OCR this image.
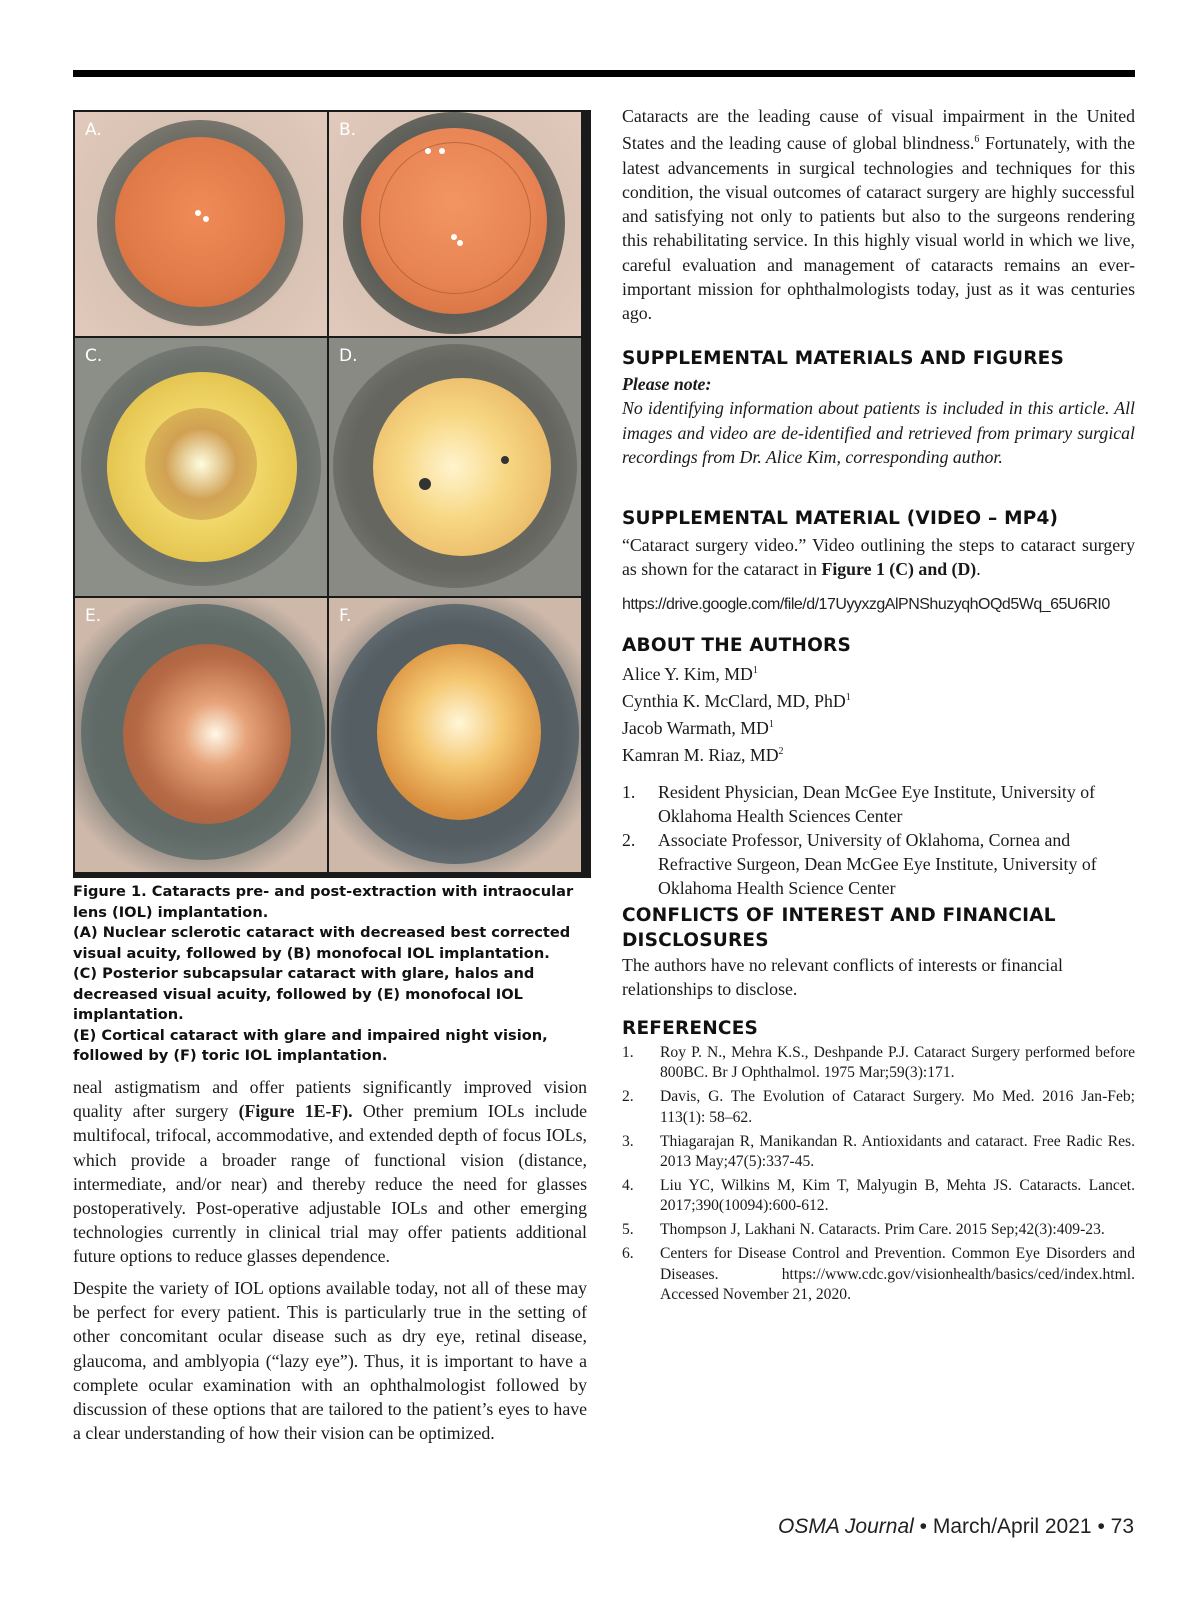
A.	B.
C.	D.
E.	F.

Figure 1. Cataracts pre- and post-extraction with intraocular lens (IOL) implantation.

(A) Nuclear sclerotic cataract with decreased best corrected visual acuity, followed by (B) monofocal IOL implantation.

(C) Posterior subcapsular cataract with glare, halos and decreased visual acuity, followed by (E) monofocal IOL implantation.

(E) Cortical cataract with glare and impaired night vision, followed by (F) toric IOL implantation.

neal astigmatism and offer patients significantly improved vision quality after surgery (Figure 1E-F). Other premium IOLs include multifocal, trifocal, accommodative, and extended depth of focus IOLs, which provide a broader range of functional vision (distance, intermediate, and/or near) and thereby reduce the need for glasses postoperatively. Post-operative adjustable IOLs and other emerging technologies currently in clinical trial may offer patients additional future options to reduce glasses dependence.

Despite the variety of IOL options available today, not all of these may be perfect for every patient. This is particularly true in the setting of other concomitant ocular disease such as dry eye, retinal disease, glaucoma, and amblyopia (“lazy eye”). Thus, it is important to have a complete ocular examination with an ophthalmologist followed by discussion of these options that are tailored to the patient’s eyes to have a clear understanding of how their vision can be optimized.

Cataracts are the leading cause of visual impairment in the United States and the leading cause of global blindness.$^6$ Fortunately, with the latest advancements in surgical technologies and techniques for this condition, the visual outcomes of cataract surgery are highly successful and satisfying not only to patients but also to the surgeons rendering this rehabilitating service. In this highly visual world in which we live, careful evaluation and management of cataracts remains an ever-important mission for ophthalmologists today, just as it was centuries ago.

SUPPLEMENTAL MATERIALS AND FIGURES

Please note:

No identifying information about patients is included in this article. All images and video are de-identified and retrieved from primary surgical recordings from Dr. Alice Kim, corresponding author.

SUPPLEMENTAL MATERIAL (VIDEO – MP4)

“Cataract surgery video.” Video outlining the steps to cataract surgery as shown for the cataract in Figure 1 (C) and (D).

https://drive.google.com/file/d/17UyyxzgAlPNShuzyqhOQd5Wq_65U6RI0

ABOUT THE AUTHORS
Alice Y. Kim, $MD^1$
Cynthia K. McClard, MD, PhD$^1$
Jacob Warmath, $MD^1$
Kamran M. Riaz, $MD^2$
1. Resident Physician, Dean McGee Eye Institute, University of Oklahoma Health Sciences Center
2. Associate Professor, University of Oklahoma, Cornea and Refractive Surgeon, Dean McGee Eye Institute, University of Oklahoma Health Science Center
CONFLICTS OF INTEREST AND FINANCIAL
DISCLOSURES

The authors have no relevant conflicts of interests or financial relationships to disclose.

REFERENCES
1. Roy P. N., Mehra K.S., Deshpande P.J. Cataract Surgery performed before 800BC. Br J Ophthalmol. 1975 Mar;59(3):171.
2. Davis, G. The Evolution of Cataract Surgery. Mo Med. 2016 Jan-Feb; 113(1): 58–62.
3. Thiagarajan R, Manikandan R. Antioxidants and cataract. Free Radic Res. 2013 May;47(5):337-45.
4. Liu YC, Wilkins M, Kim T, Malyugin B, Mehta JS. Cataracts. Lancet. 2017;390(10094):600-612.
5. Thompson J, Lakhani N. Cataracts. Prim Care. 2015 Sep;42(3):409-23.
6. Centers for Disease Control and Prevention. Common Eye Disorders and Diseases. https://www.cdc.gov/visionhealth/basics/ced/index.html. Accessed November 21, 2020.
OSMA Journal • March/April 2021 • 73
